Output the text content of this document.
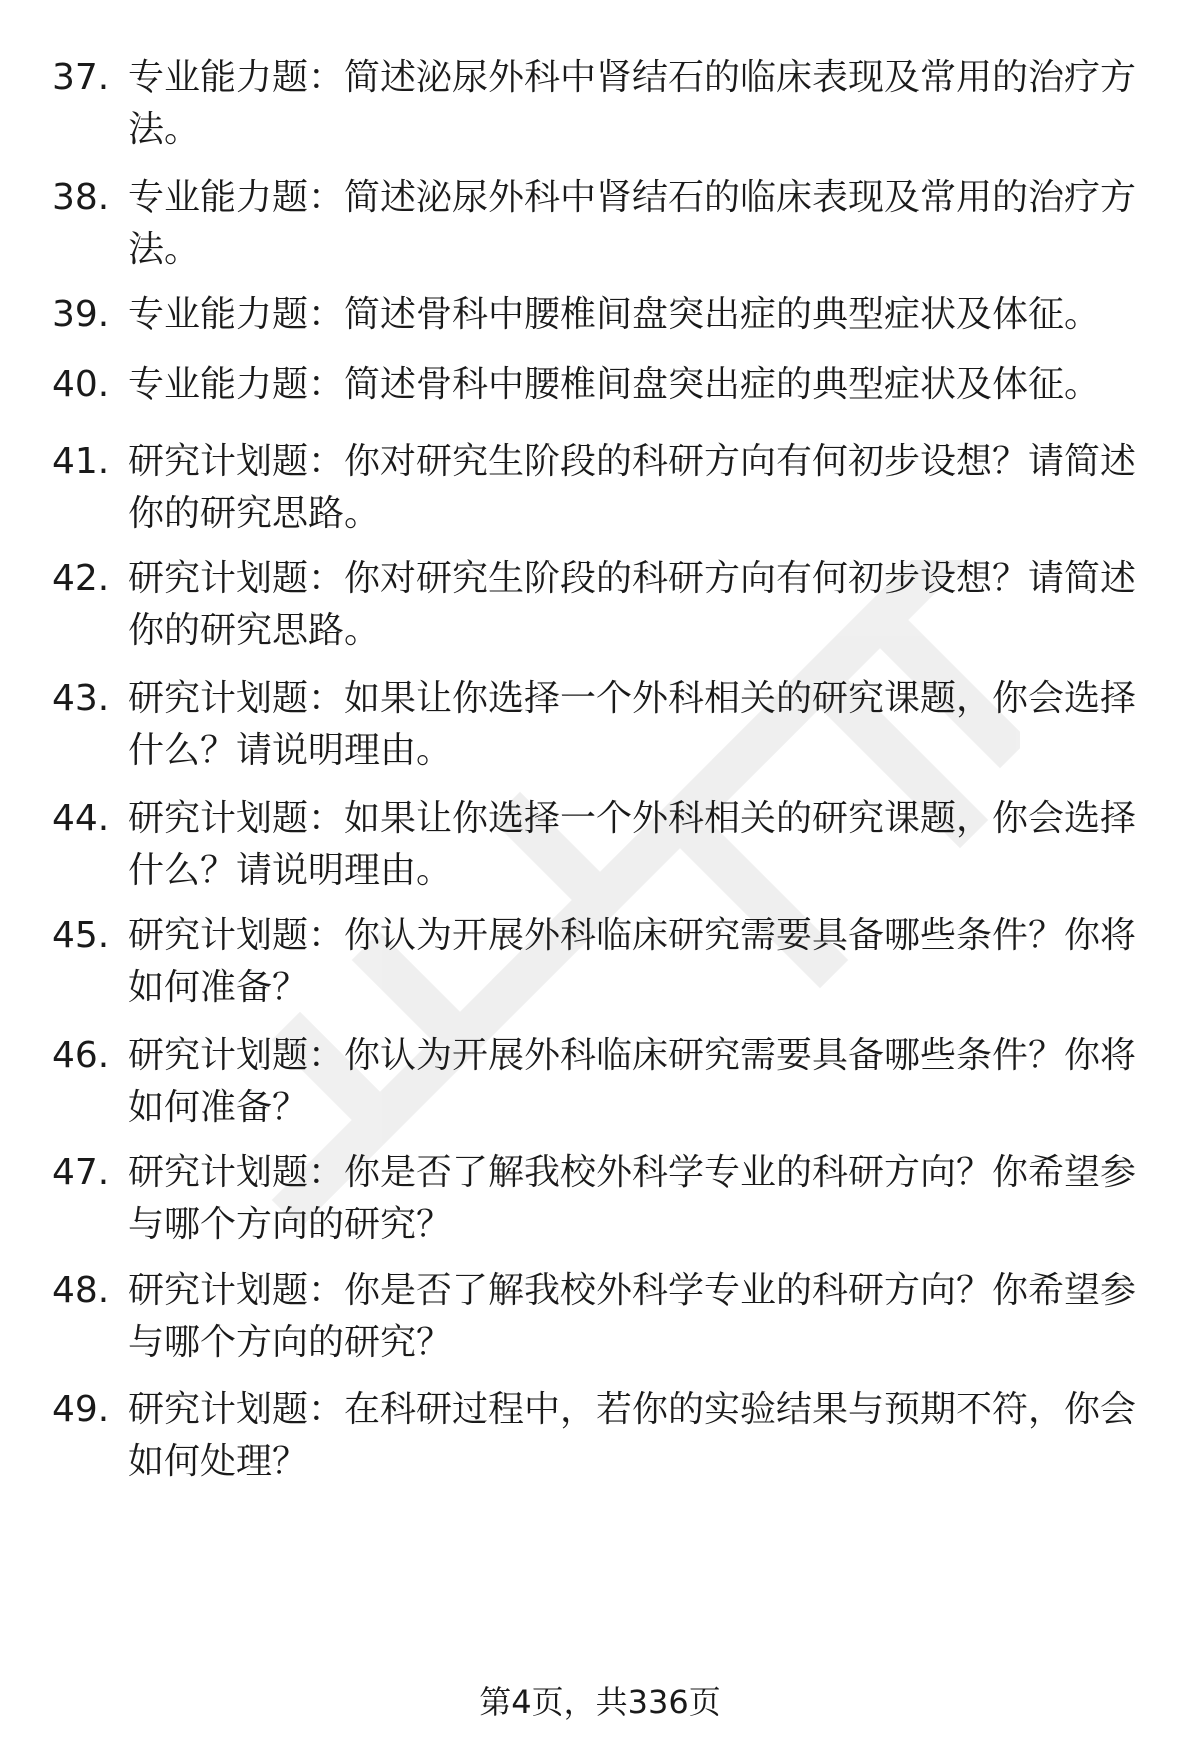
37. 专业能力题：简述泌尿外科中肾结石的临床表现及常用的治疗方法。
38. 专业能力题：简述泌尿外科中肾结石的临床表现及常用的治疗方法。
39. 专业能力题：简述骨科中腰椎间盘突出症的典型症状及体征。
40. 专业能力题：简述骨科中腰椎间盘突出症的典型症状及体征。
41. 研究计划题：你对研究生阶段的科研方向有何初步设想？请简述你的研究思路。
42. 研究计划题：你对研究生阶段的科研方向有何初步设想？请简述你的研究思路。
43. 研究计划题：如果让你选择一个外科相关的研究课题，你会选择什么？请说明理由。
44. 研究计划题：如果让你选择一个外科相关的研究课题，你会选择什么？请说明理由。
45. 研究计划题：你认为开展外科临床研究需要具备哪些条件？你将如何准备？
46. 研究计划题：你认为开展外科临床研究需要具备哪些条件？你将如何准备？
47. 研究计划题：你是否了解我校外科学专业的科研方向？你希望参与哪个方向的研究？
48. 研究计划题：你是否了解我校外科学专业的科研方向？你希望参与哪个方向的研究？
49. 研究计划题：在科研过程中，若你的实验结果与预期不符，你会如何处理？
第4页，共336页
